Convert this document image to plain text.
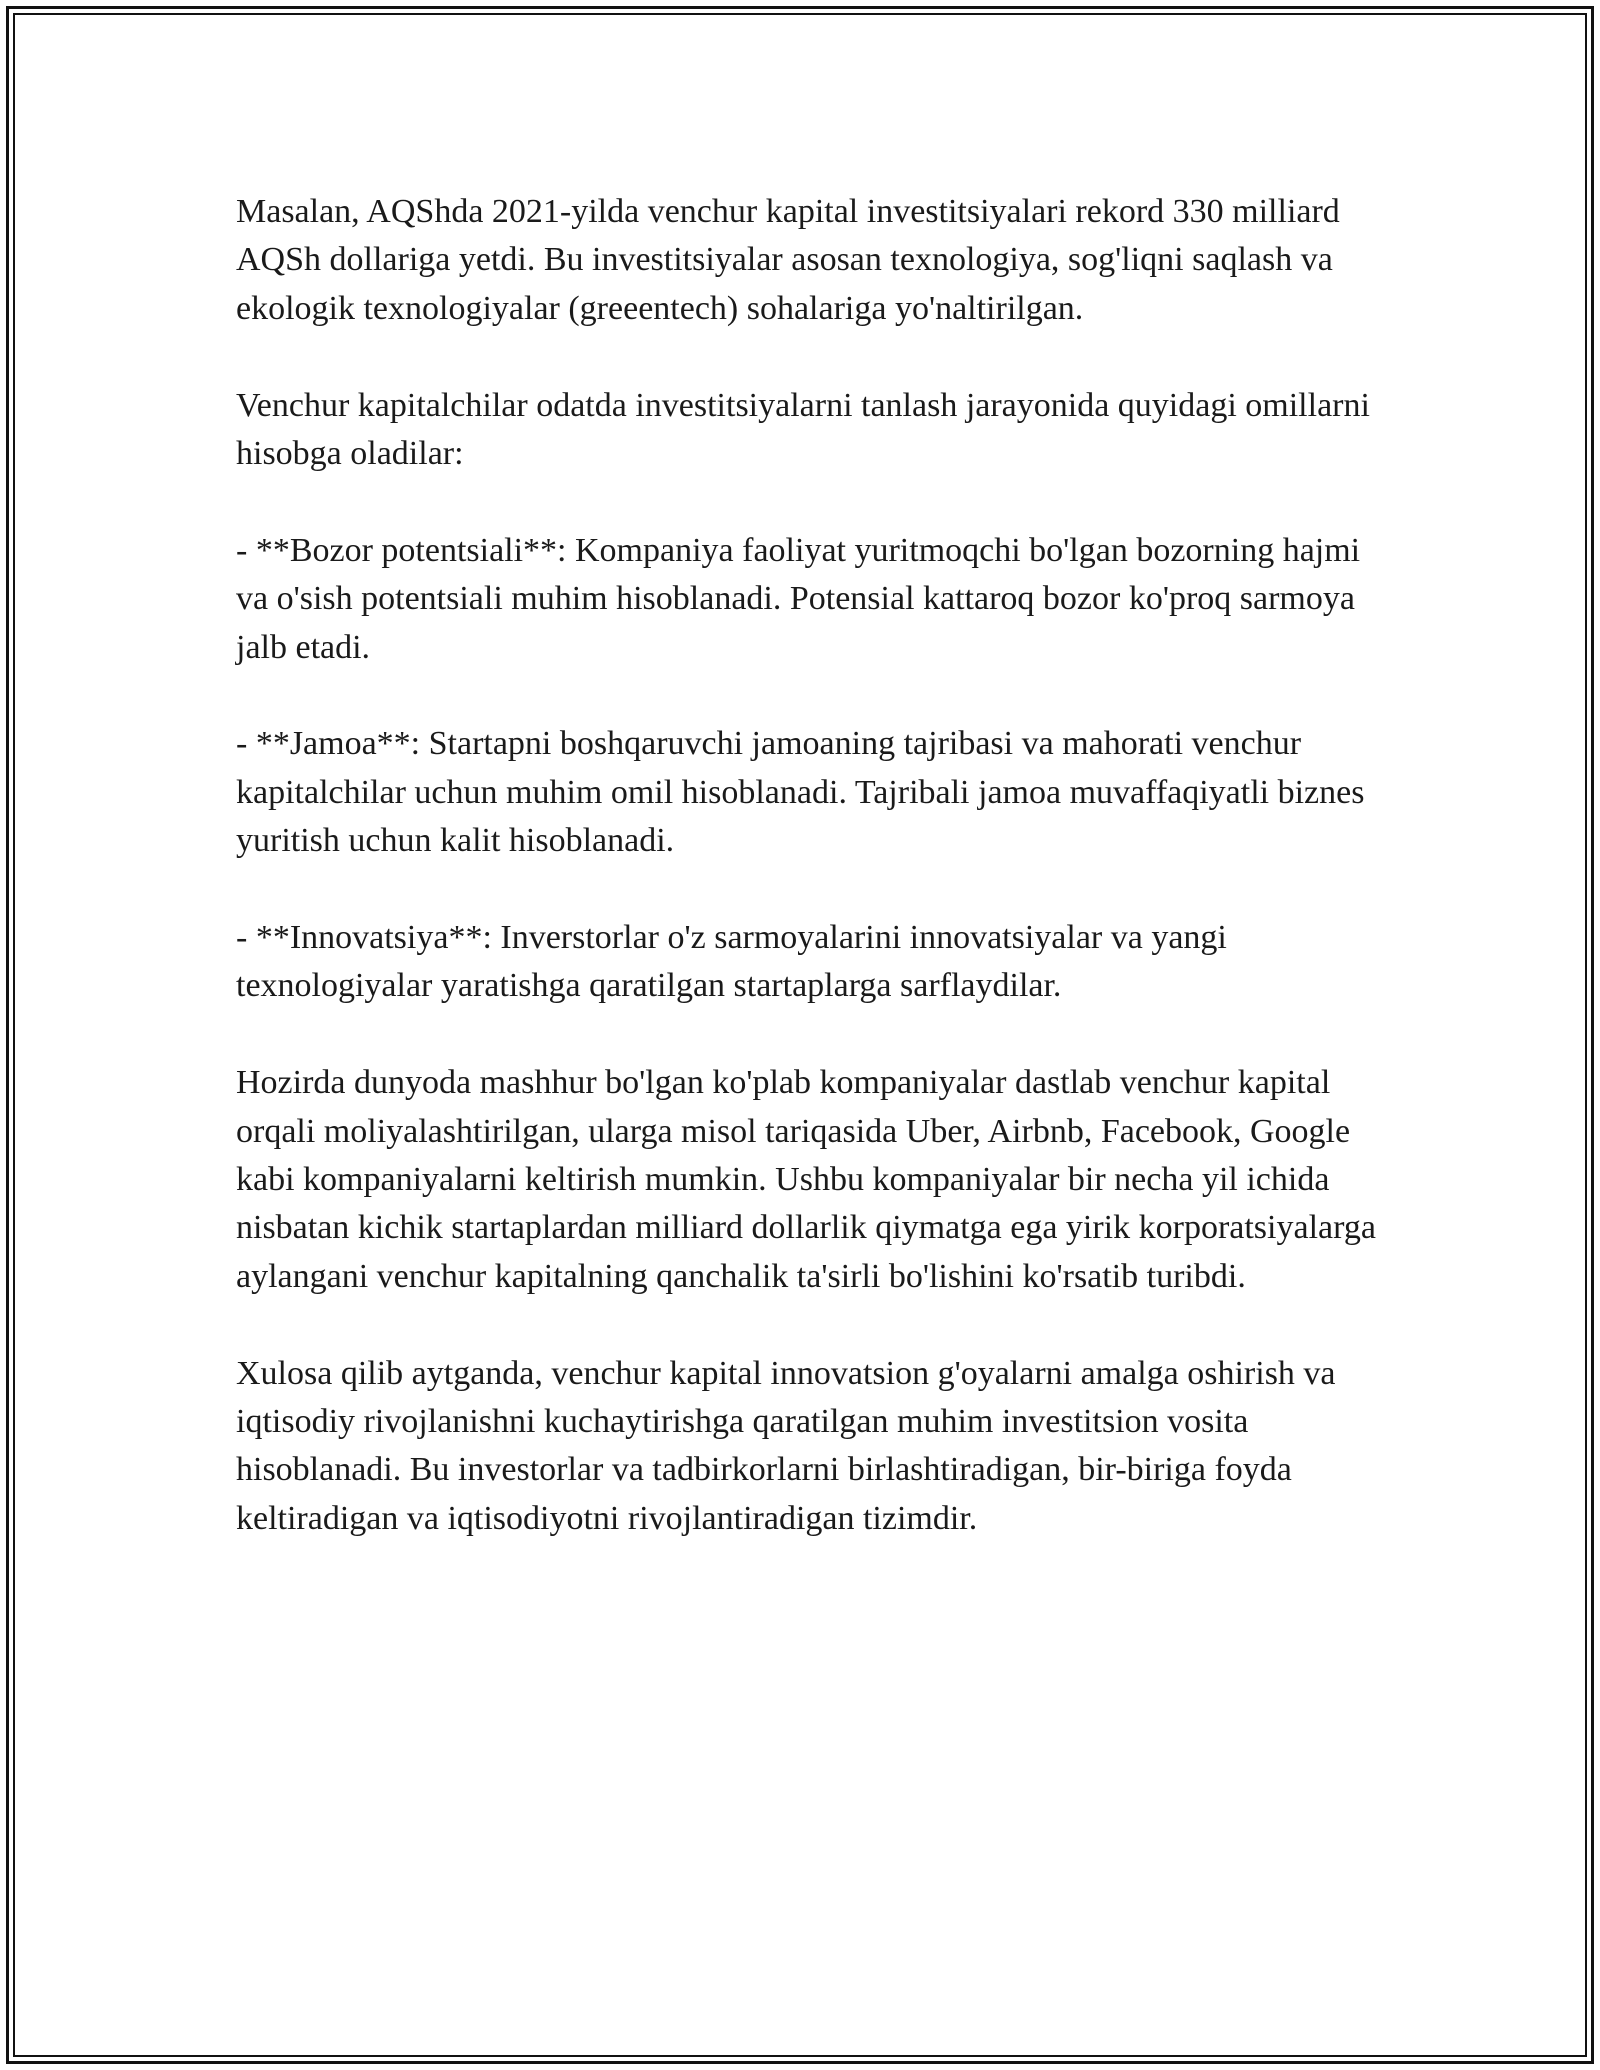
Masalan, AQShda 2021-yilda venchur kapital investitsiyalari rekord 330 milliard AQSh dollariga yetdi. Bu investitsiyalar asosan texnologiya, sog'liqni saqlash va ekologik texnologiyalar (greeentech) sohalariga yo'naltirilgan.

Venchur kapitalchilar odatda investitsiyalarni tanlash jarayonida quyidagi omillarni hisobga oladilar:

- **Bozor potentsiali**: Kompaniya faoliyat yuritmoqchi bo'lgan bozorning hajmi va o'sish potentsiali muhim hisoblanadi. Potensial kattaroq bozor ko'proq sarmoya jalb etadi.

- **Jamoa**: Startapni boshqaruvchi jamoaning tajribasi va mahorati venchur kapitalchilar uchun muhim omil hisoblanadi. Tajribali jamoa muvaffaqiyatli biznes yuritish uchun kalit hisoblanadi.

- **Innovatsiya**: Inverstorlar o'z sarmoyalarini innovatsiyalar va yangi texnologiyalar yaratishga qaratilgan startaplarga sarflaydilar.

Hozirda dunyoda mashhur bo'lgan ko'plab kompaniyalar dastlab venchur kapital orqali moliyalashtirilgan, ularga misol tariqasida Uber, Airbnb, Facebook, Google kabi kompaniyalarni keltirish mumkin. Ushbu kompaniyalar bir necha yil ichida nisbatan kichik startaplardan milliard dollarlik qiymatga ega yirik korporatsiyalarga aylangani venchur kapitalning qanchalik ta'sirli bo'lishini ko'rsatib turibdi.

Xulosa qilib aytganda, venchur kapital innovatsion g'oyalarni amalga oshirish va iqtisodiy rivojlanishni kuchaytirishga qaratilgan muhim investitsion vosita hisoblanadi. Bu investorlar va tadbirkorlarni birlashtiradigan, bir-biriga foyda keltiradigan va iqtisodiyotni rivojlantiradigan tizimdir.
